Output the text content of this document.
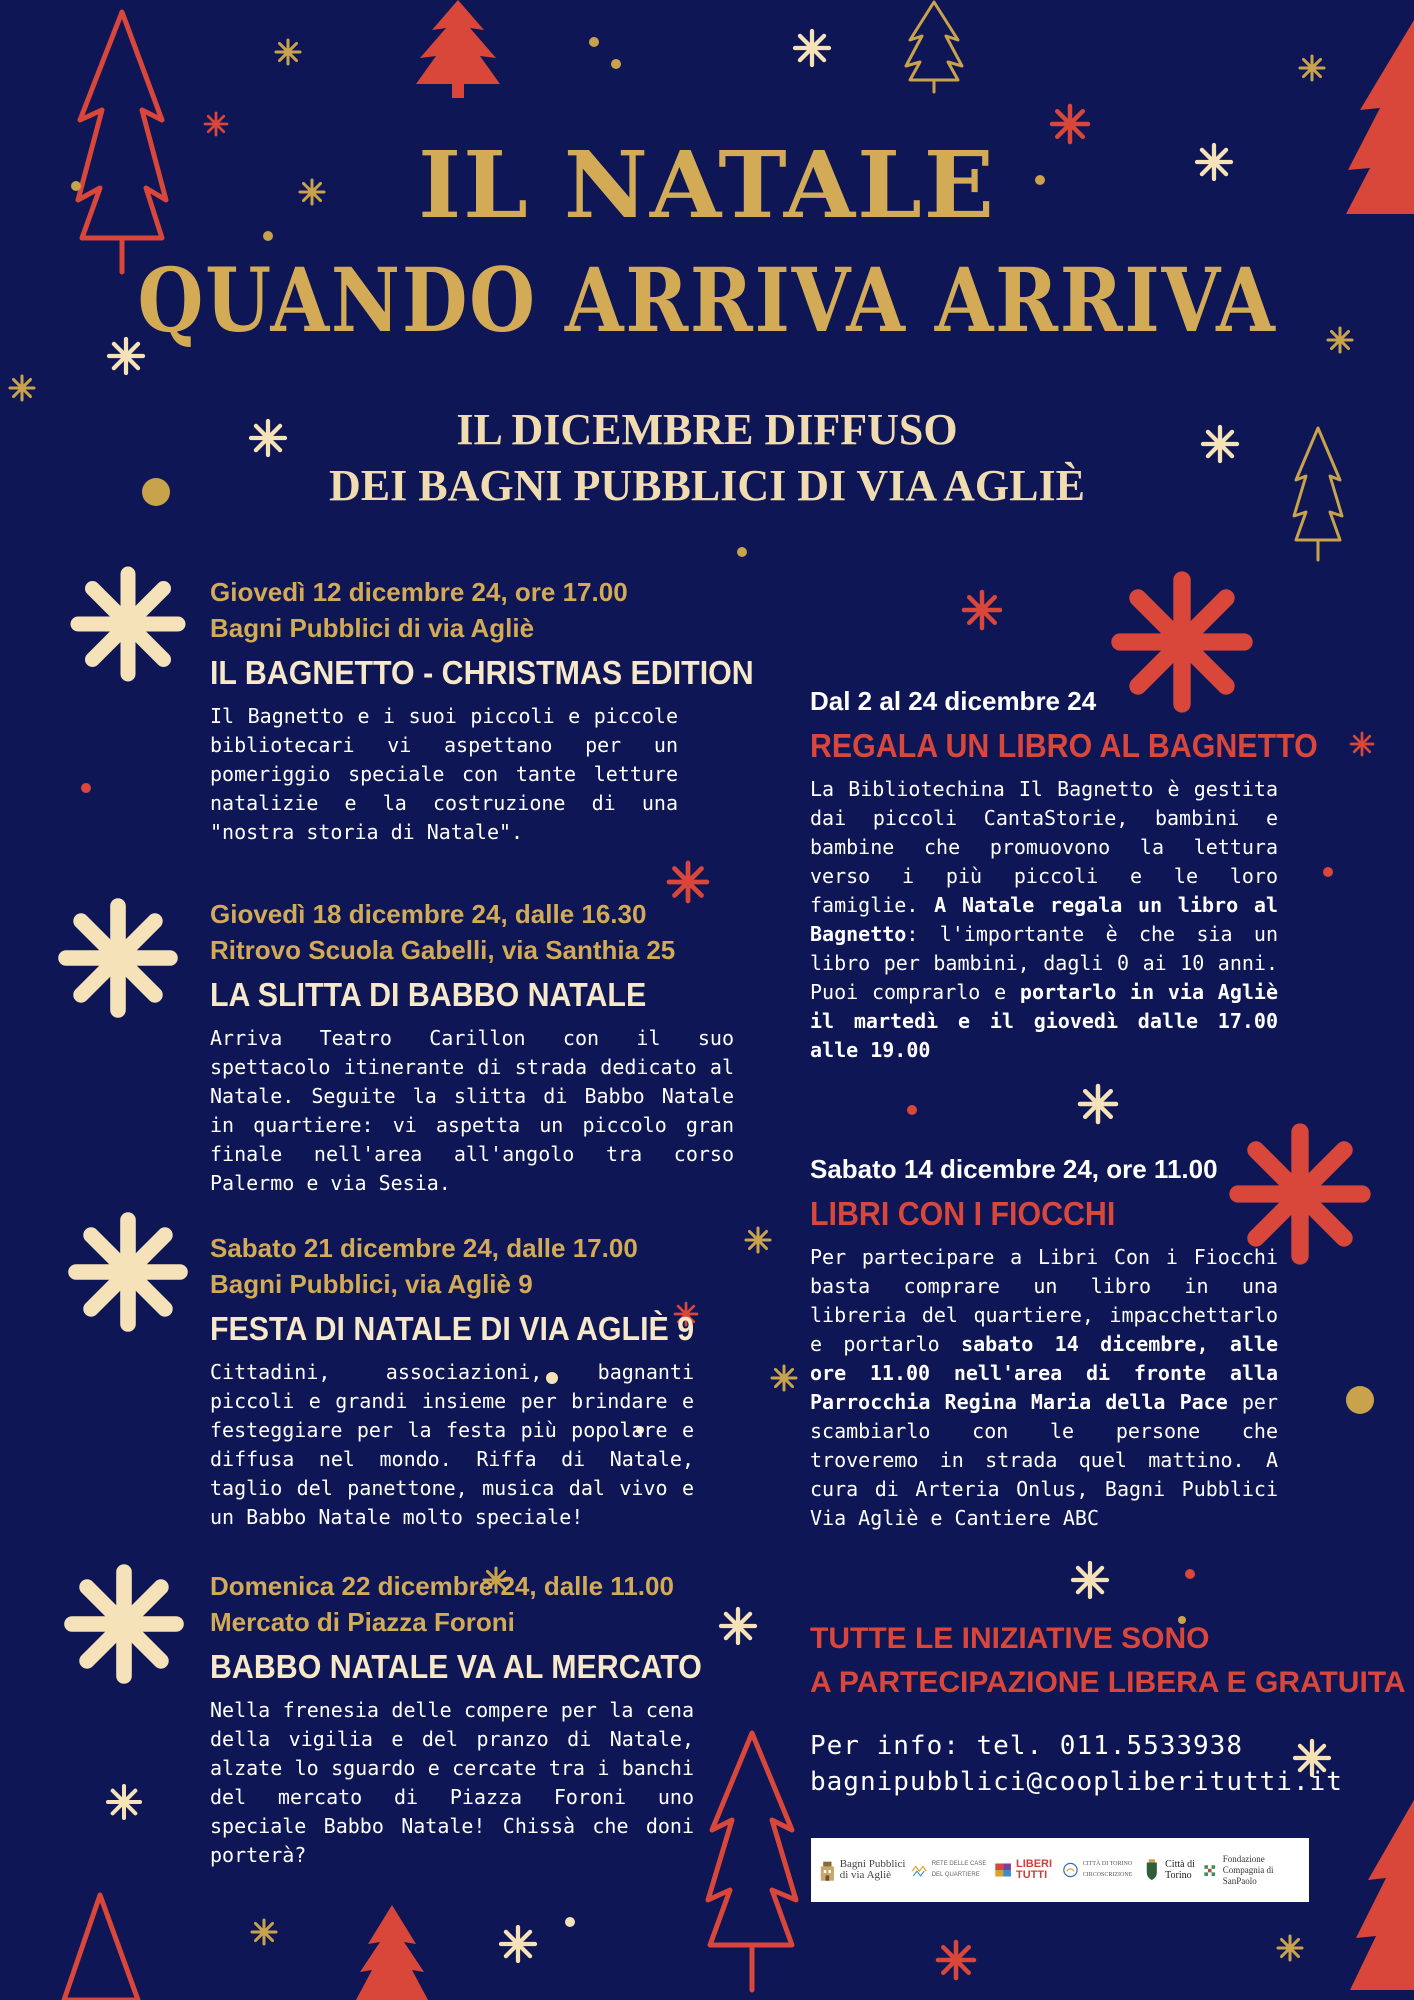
IL NATALE
QUANDO ARRIVA ARRIVA
IL DICEMBRE DIFFUSO
DEI BAGNI PUBBLICI DI VIA AGLIÈ
Giovedì 12 dicembre 24, ore 17.00
Bagni Pubblici di via Agliè
IL BAGNETTO - CHRISTMAS EDITION
Il Bagnetto e i suoi piccoli e piccole bibliotecari vi aspettano per un pomeriggio speciale con tante letture natalizie e la costruzione di una "nostra storia di Natale".
Giovedì 18 dicembre 24, dalle 16.30
Ritrovo Scuola Gabelli, via Santhia 25
LA SLITTA DI BABBO NATALE
Arriva Teatro Carillon con il suo spettacolo itinerante di strada dedicato al Natale. Seguite la slitta di Babbo Natale in quartiere: vi aspetta un piccolo gran finale nell'area all'angolo tra corso Palermo e via Sesia.
Sabato 21 dicembre 24, dalle 17.00
Bagni Pubblici, via Agliè 9
FESTA DI NATALE DI VIA AGLIÈ 9
Cittadini, associazioni, bagnanti piccoli e grandi insieme per brindare e festeggiare per la festa più popolare e diffusa nel mondo. Riffa di Natale, taglio del panettone, musica dal vivo e un Babbo Natale molto speciale!
Domenica 22 dicembre 24, dalle 11.00
Mercato di Piazza Foroni
BABBO NATALE VA AL MERCATO
Nella frenesia delle compere per la cena della vigilia e del pranzo di Natale, alzate lo sguardo e cercate tra i banchi del mercato di Piazza Foroni uno speciale Babbo Natale! Chissà che doni porterà?
Dal 2 al 24 dicembre 24
REGALA UN LIBRO AL BAGNETTO
La Bibliotechina Il Bagnetto è gestita dai piccoli CantaStorie, bambini e bambine che promuovono la lettura verso i più piccoli e le loro famiglie. A Natale regala un libro al Bagnetto: l'importante è che sia un libro per bambini, dagli 0 ai 10 anni. Puoi comprarlo e portarlo in via Agliè il martedì e il giovedì dalle 17.00 alle 19.00
Sabato 14 dicembre 24, ore 11.00
LIBRI CON I FIOCCHI
Per partecipare a Libri Con i Fiocchi basta comprare un libro in una libreria del quartiere, impacchettarlo e portarlo sabato 14 dicembre, alle ore 11.00 nell'area di fronte alla Parrocchia Regina Maria della Pace per scambiarlo con le persone che troveremo in strada quel mattino. A cura di Arteria Onlus, Bagni Pubblici Via Agliè e Cantiere ABC
TUTTE LE INIZIATIVE SONO
A PARTECIPAZIONE LIBERA E GRATUITA
Per info: tel. 011.5533938
bagnipubblici@coopliberitutti.it
Bagni Pubblici di via Agliè
RETE DELLE CASE DEL QUARTIERE
LIBERI TUTTI
CITTÀ DI TORINO CIRCOSCRIZIONE
Città di Torino
Fondazione Compagnia di SanPaolo
